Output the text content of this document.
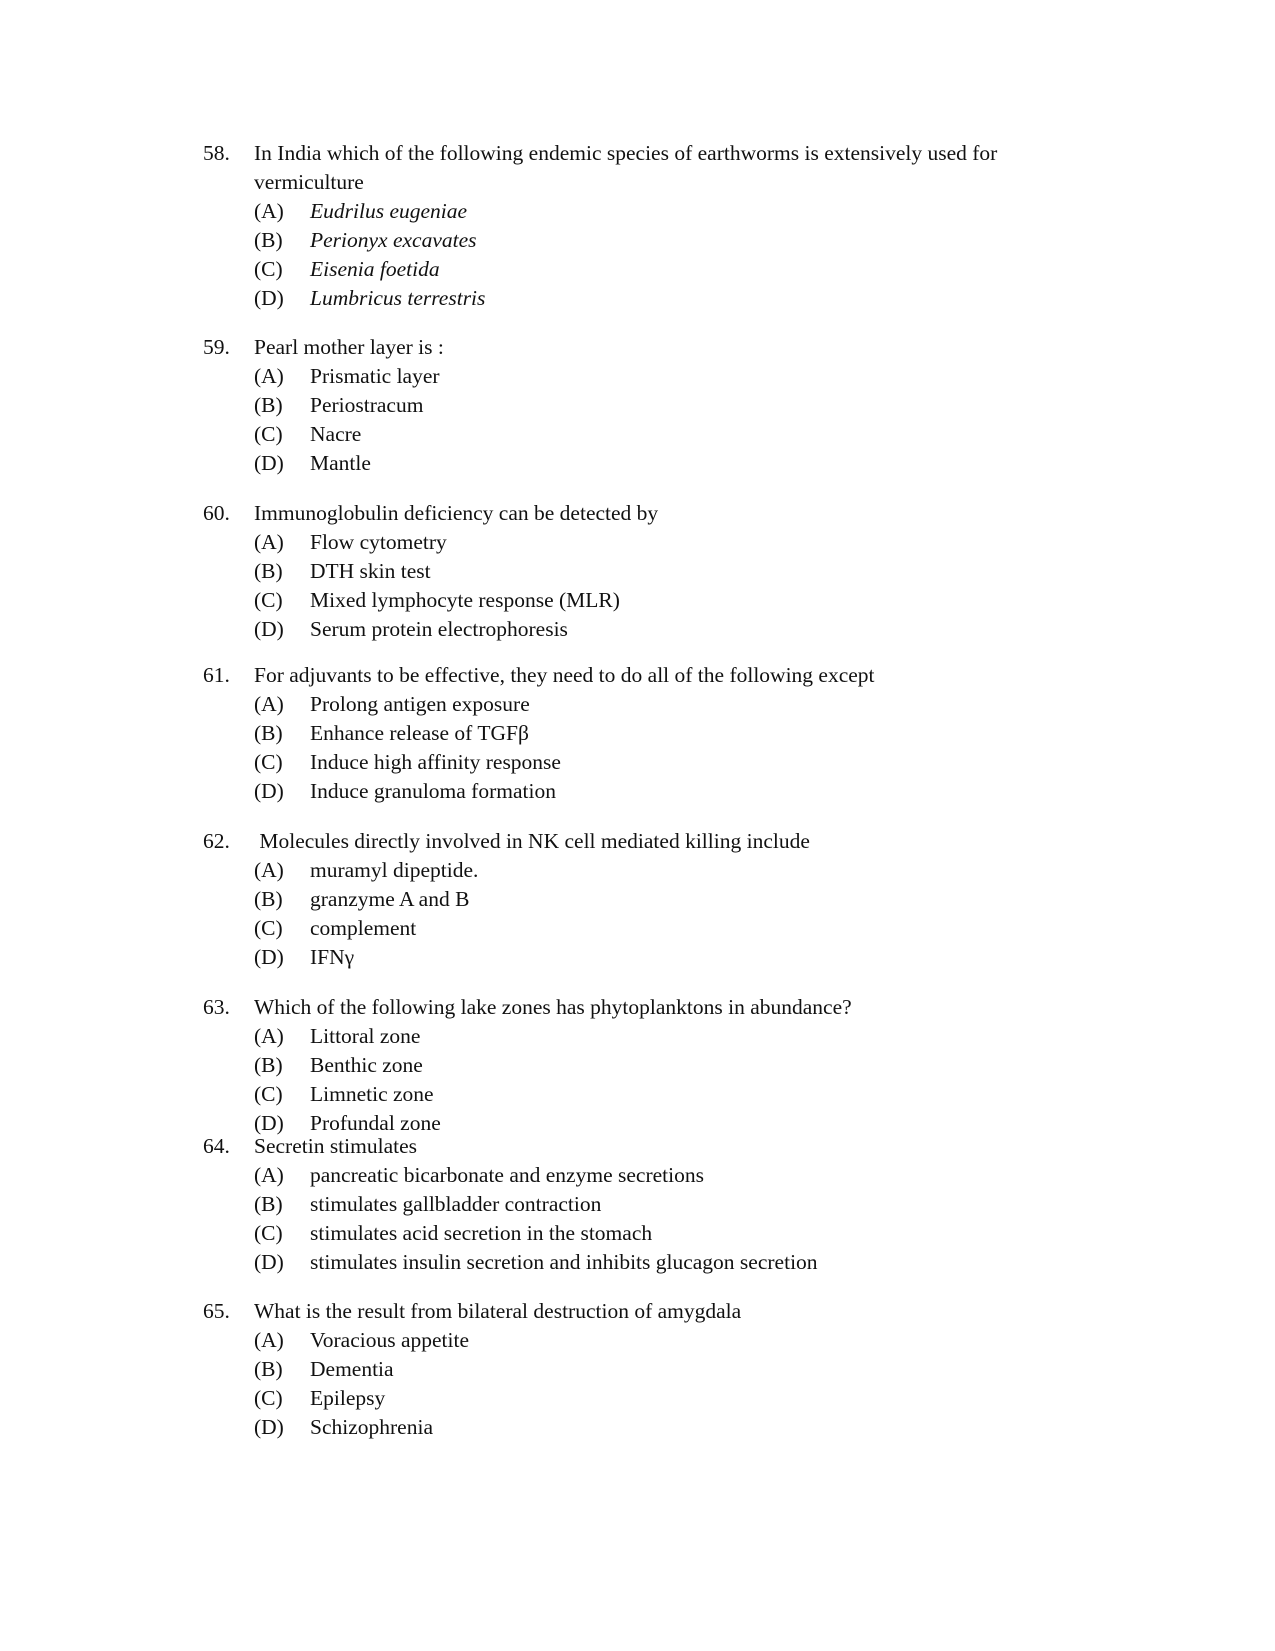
58.	In India which of the following endemic species of earthworms is extensively used for vermiculture
(A)	Eudrilus eugeniae
(B)	Perionyx excavates
(C)	Eisenia foetida
(D)	Lumbricus terrestris
59.	Pearl mother layer is :
(A)	Prismatic layer
(B)	Periostracum
(C)	Nacre
(D)	Mantle
60.	Immunoglobulin deficiency can be detected by
(A)	Flow cytometry
(B)	DTH skin test
(C)	Mixed lymphocyte response (MLR)
(D)	Serum protein electrophoresis
61.	For adjuvants to be effective, they need to do all of the following except
(A)	Prolong antigen exposure
(B)	Enhance release of TGFβ
(C)	Induce high affinity response
(D)	Induce granuloma formation
62.	Molecules directly involved in NK cell mediated killing include
(A)	muramyl dipeptide.
(B)	granzyme A and B
(C)	complement
(D)	IFNγ
63.	Which of the following lake zones has phytoplanktons in abundance?
(A)	Littoral zone
(B)	Benthic zone
(C)	Limnetic zone
(D)	Profundal zone
64.	Secretin stimulates
(A)	pancreatic bicarbonate and enzyme secretions
(B)	stimulates gallbladder contraction
(C)	stimulates acid secretion in the stomach
(D)	stimulates insulin secretion and inhibits glucagon secretion
65.	What is the result from bilateral destruction of amygdala
(A)	Voracious appetite
(B)	Dementia
(C)	Epilepsy
(D)	Schizophrenia
